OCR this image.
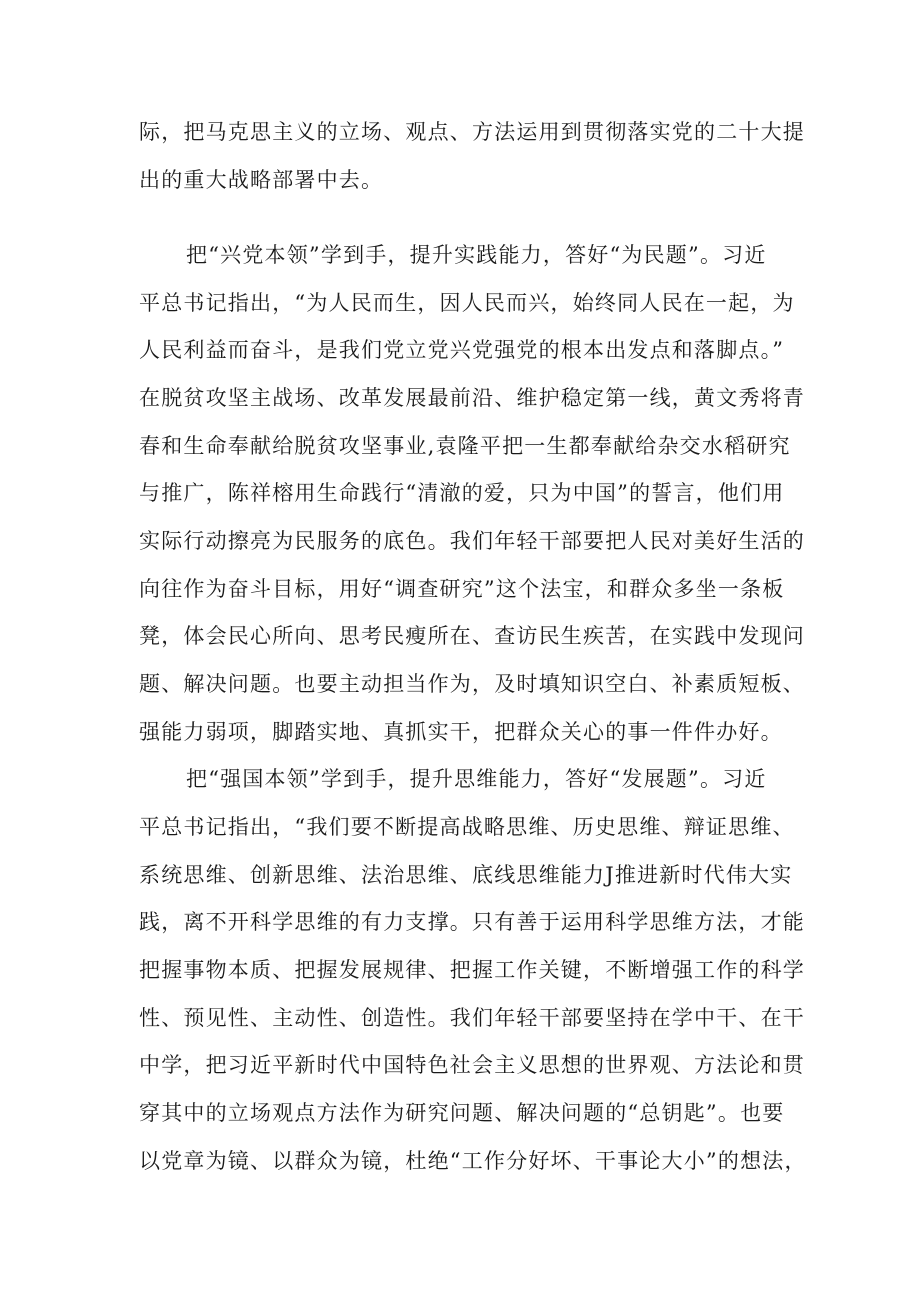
际，把马克思主义的立场、观点、方法运用到贯彻落实党的二十大提
出的重大战略部署中去。
把“兴党本领”学到手，提升实践能力，答好“为民题”。习近
平总书记指出，“为人民而生，因人民而兴，始终同人民在一起，为
人民利益而奋斗，是我们党立党兴党强党的根本出发点和落脚点。”
在脱贫攻坚主战场、改革发展最前沿、维护稳定第一线，黄文秀将青
春和生命奉献给脱贫攻坚事业,袁隆平把一生都奉献给杂交水稻研究
与推广，陈祥榕用生命践行“清澈的爱，只为中国”的誓言，他们用
实际行动擦亮为民服务的底色。我们年轻干部要把人民对美好生活的
向往作为奋斗目标，用好“调查研究”这个法宝，和群众多坐一条板
凳，体会民心所向、思考民瘦所在、查访民生疾苦，在实践中发现问
题、解决问题。也要主动担当作为，及时填知识空白、补素质短板、
强能力弱项，脚踏实地、真抓实干，把群众关心的事一件件办好。
把“强国本领”学到手，提升思维能力，答好“发展题”。习近
平总书记指出，“我们要不断提高战略思维、历史思维、辩证思维、
系统思维、创新思维、法治思维、底线思维能力J推进新时代伟大实
践，离不开科学思维的有力支撑。只有善于运用科学思维方法，才能
把握事物本质、把握发展规律、把握工作关键，不断增强工作的科学
性、预见性、主动性、创造性。我们年轻干部要坚持在学中干、在干
中学，把习近平新时代中国特色社会主义思想的世界观、方法论和贯
穿其中的立场观点方法作为研究问题、解决问题的“总钥匙”。也要
以党章为镜、以群众为镜，杜绝“工作分好坏、干事论大小”的想法，
